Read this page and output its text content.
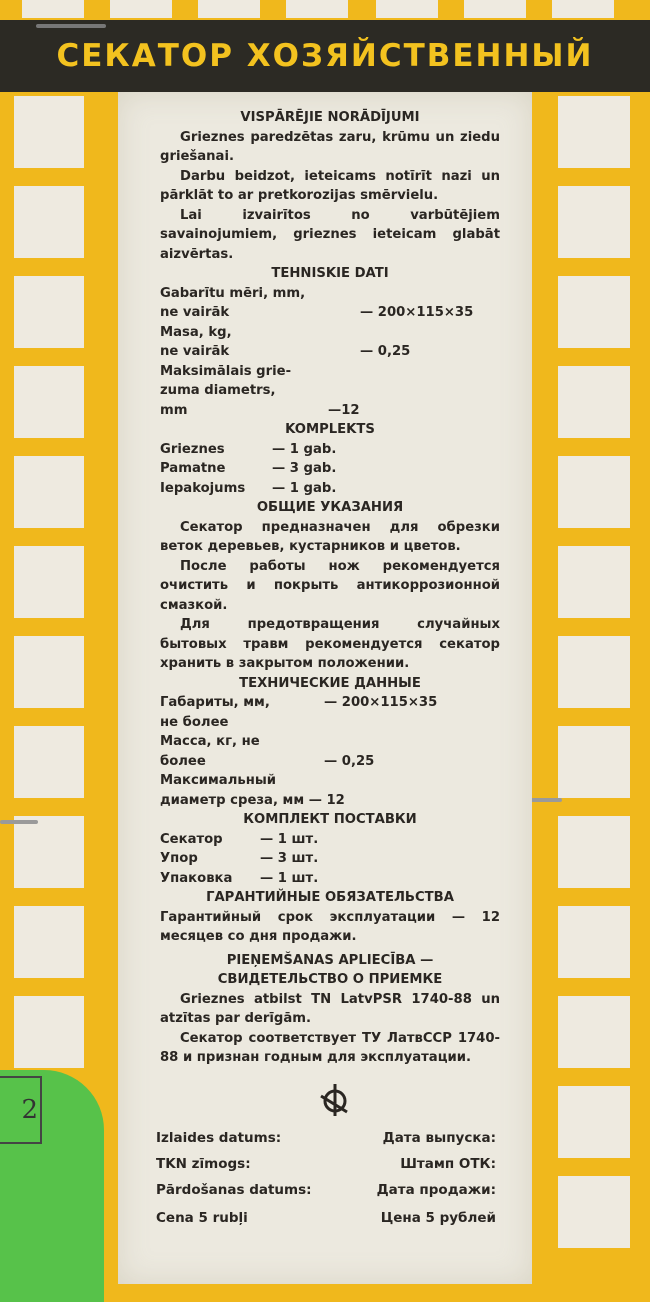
СЕКАТОР ХОЗЯЙСТВЕННЫЙ
2

VISPĀRĒJIE NORĀDĪJUMI

Grieznes paredzētas zaru, krūmu un ziedu griešanai.

Darbu beidzot, ieteicams notīrīt nazi un pārklāt to ar pretkorozijas smērvielu.

Lai izvairītos no varbūtējiem savainojumiem, grieznes ieteicam glabāt aizvērtas.

TEHNISKIE DATI

Gabarītu mēri, mm,
ne vairāk	— 200×115×35
Masa, kg,
ne vairāk	— 0,25
Maksimālais grie-
zuma diametrs,
mm	—12

KOMPLEKTS

Grieznes	— 1 gab.
Pamatne	— 3 gab.
Iepakojums	— 1 gab.

ОБЩИЕ УКАЗАНИЯ

Секатор предназначен для обрезки веток деревьев, кустарников и цветов.

После работы нож рекомендуется очистить и покрыть антикоррозионной смазкой.

Для предотвращения случайных бытовых травм рекомендуется секатор хранить в закрытом положении.

ТЕХНИЧЕСКИЕ ДАННЫЕ

Габариты, мм,	— 200×115×35
не более
Масса, кг, не
более	— 0,25
Максимальный
диаметр среза, мм — 12

КОМПЛЕКТ ПОСТАВКИ

Секатор	— 1 шт.
Упор	— 3 шт.
Упаковка	— 1 шт.

ГАРАНТИЙНЫЕ ОБЯЗАТЕЛЬСТВА

Гарантийный срок эксплуатации — 12 месяцев со дня продажи.

PIEŅEMŠANAS APLIECĪBA —

СВИДЕТЕЛЬСТВО О ПРИЕМКЕ

Grieznes atbilst TN LatvPSR 1740-88 un atzītas par derīgām.

Секатор соответствует ТУ ЛатвССР 1740-88 и признан годным для эксплуатации.

Izlaides datums:	Дата выпуска:
TKN zīmogs:	Штамп ОТК:
Pārdošanas datums:	Дата продажи:
Cena 5 rubļi	Цена 5 рублей
